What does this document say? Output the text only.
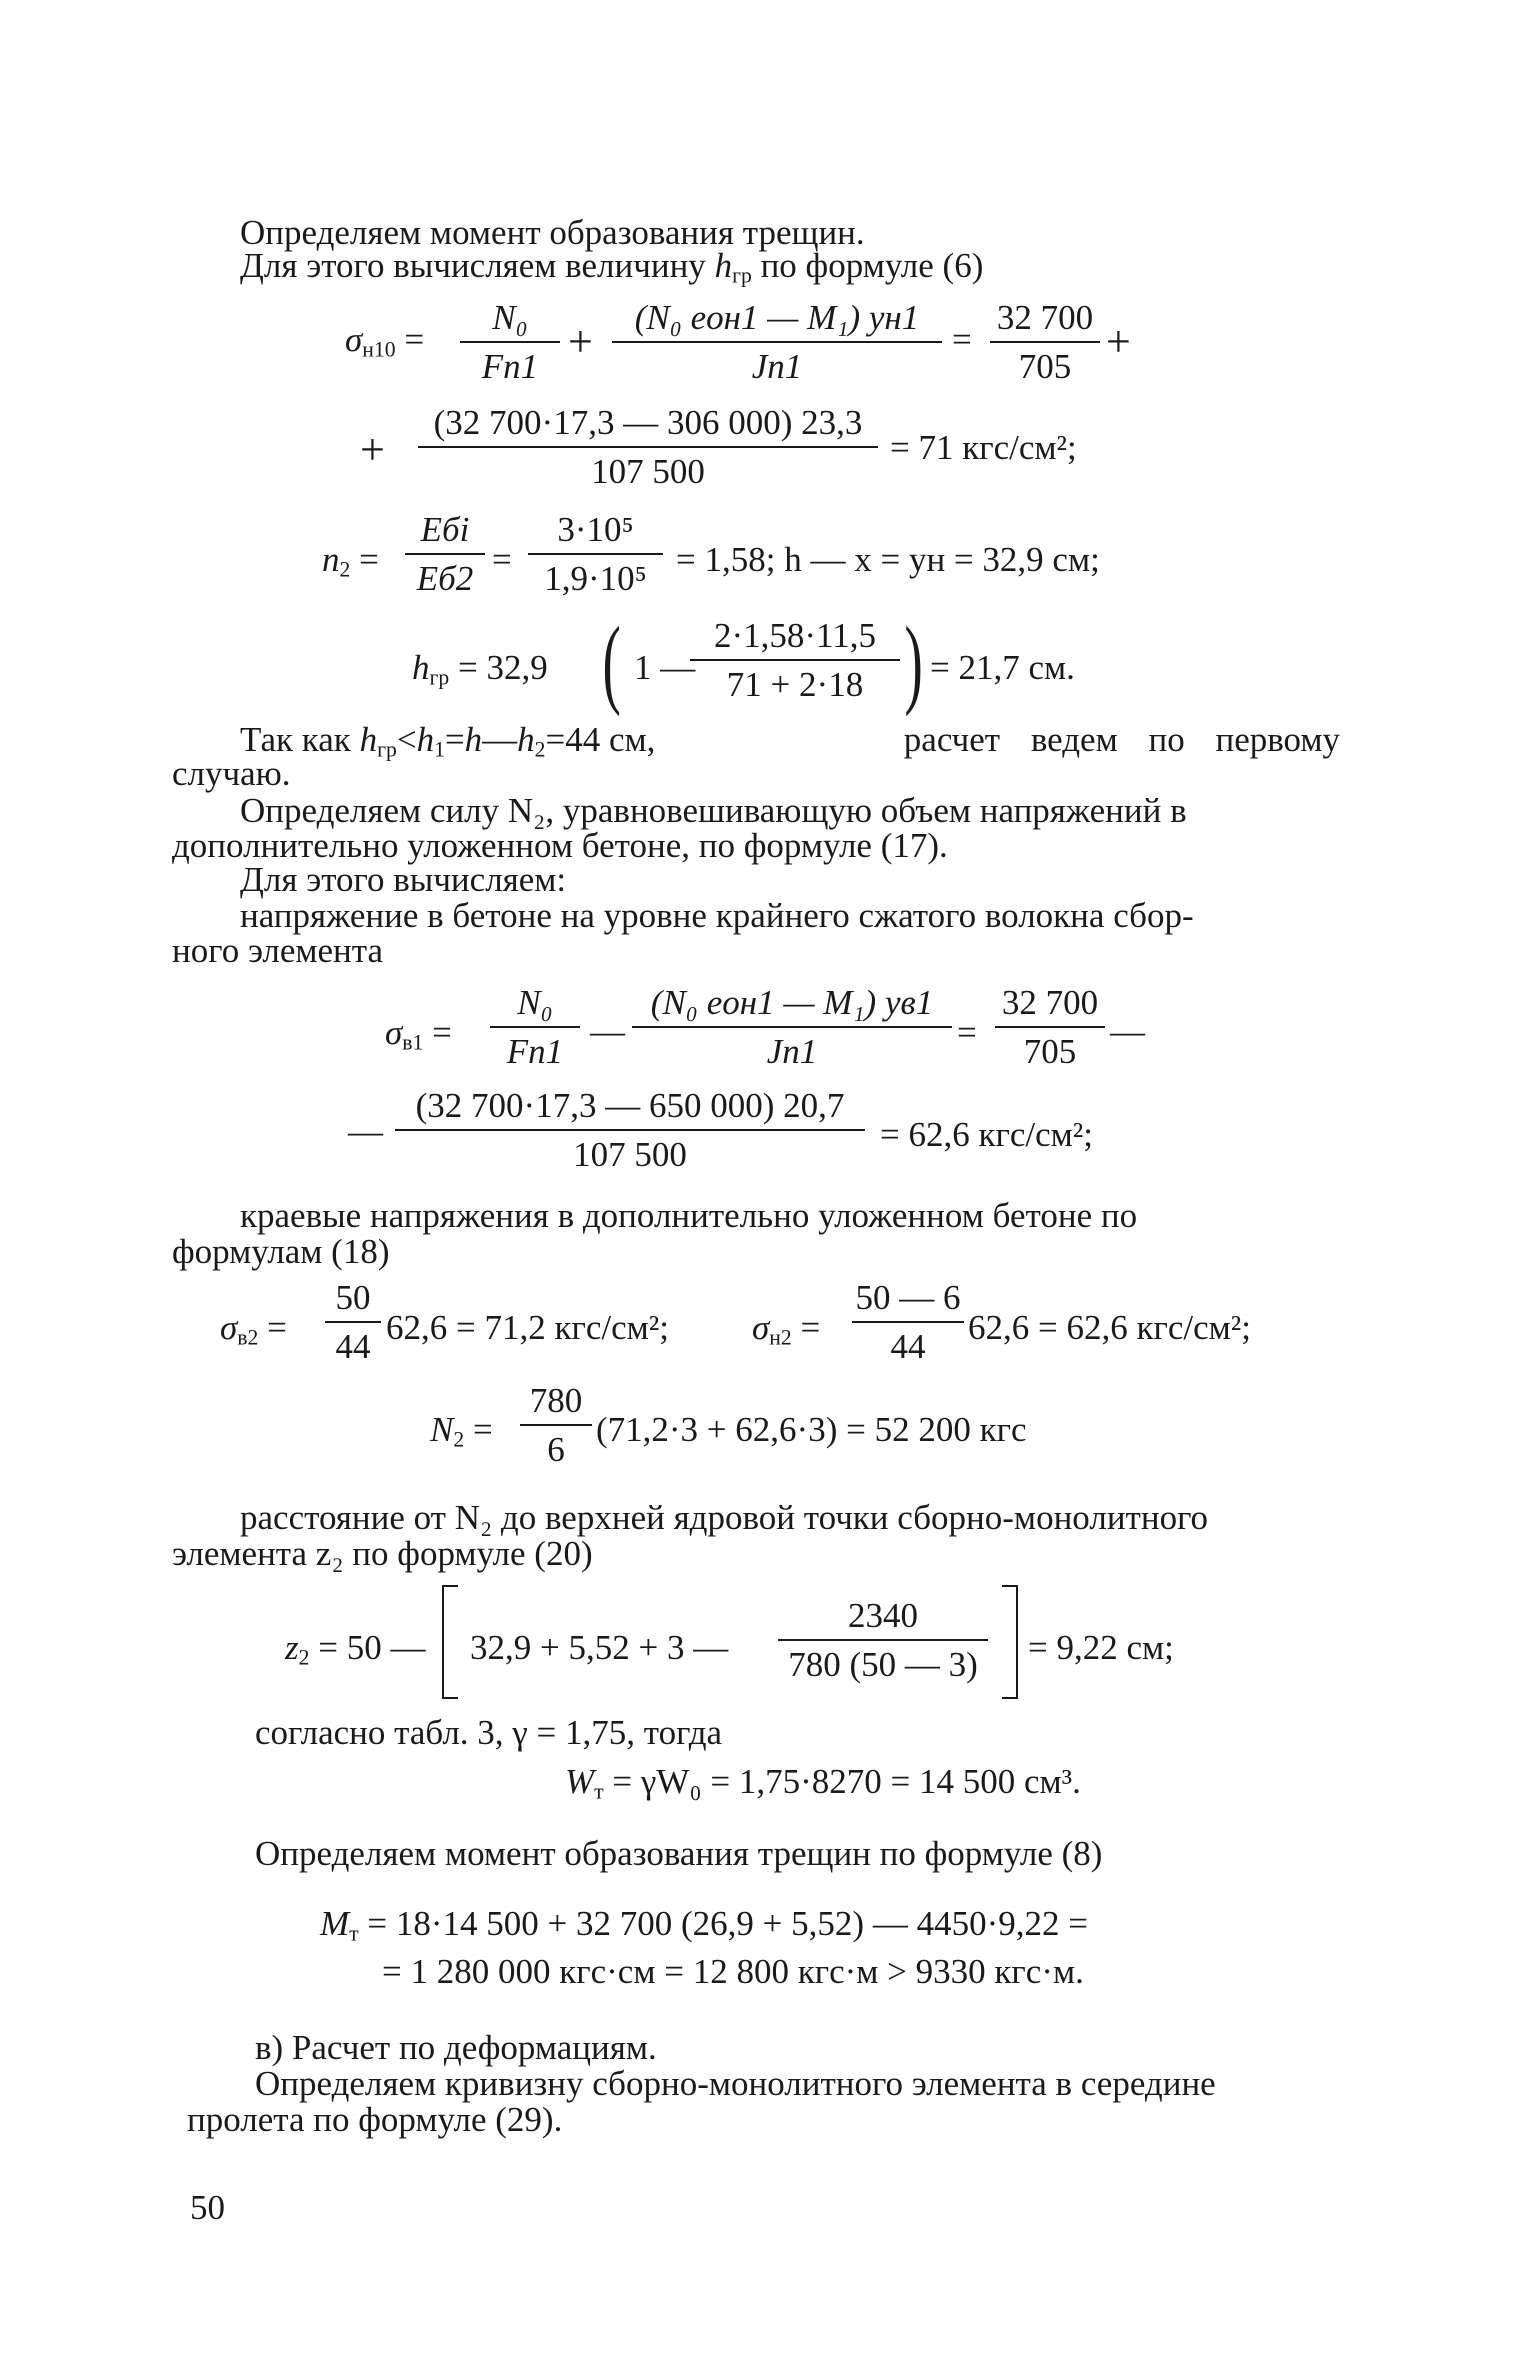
Определяем момент образования трещин.
Для этого вычисляем величину $h_{гр}$ по формуле (6)
$\sigma_{н10}$ =
N₀
Fп1
+	(N₀ eон1 — M₁) yн1
Jп1
=
32 700
705
+
+
(32 700·17,3 — 306 000) 23,3
107 500
= 71 кгс/см²;
$n_2$ =
Eбi
Eб2 =
3·10⁵
1,9·10⁵ = 1,58; h — x = yн = 32,9 см;
$h_{гр} = 32,9$ ( 1 —
2·1,58·11,5
71 + 2·18 ) = 21,7 см.
Так как $h_{гр}<h_1=h—h_2=44$ см,	расчет ведем по первому
случаю.
Определяем силу N₂, уравновешивающую объем напряжений в
дополнительно уложенном бетоне, по формуле (17).
Для этого вычисляем:
напряжение в бетоне на уровне крайнего сжатого волокна сбор-
ного элемента
$\sigma_{в1}$ =
N₀
Fп1
—
(N₀ eон1 — M₁) yв1
Jп1	=
32 700
705
—
—
(32 700·17,3 — 650 000) 20,7
107 500
= 62,6 кгс/см²;
краевые напряжения в дополнительно уложенном бетоне по
формулам (18)
$\sigma_{в2}$ =
50
44 62,6 = 71,2 кгс/см²; $\sigma_{н2}$ =
50 — 6
44	62,6 = 62,6 кгс/см²;
$N_2$ =
780
6
(71,2·3 + 62,6·3) = 52 200 кгс
расстояние от N₂ до верхней ядровой точки сборно-монолитного
элемента z₂ по формуле (20)
$z_2 = 50$ — 32,9 + 5,52 + 3 —
2340
780 (50 — 3) = 9,22 см;
согласно табл. 3, γ = 1,75, тогда
$W_т = \gamma W_0 = 1,75\cdot 8270 = 14$ 500 см³.
Определяем момент образования трещин по формуле (8)
$M_т = 18\cdot 14$ 500 + 32 700 (26,9 + 5,52) — 4450·9,22 =
= 1 280 000 кгс·см = 12 800 кгс·м > 9330 кгс·м.
в) Расчет по деформациям.
Определяем кривизну сборно-монолитного элемента в середине
пролета по формуле (29).
50
